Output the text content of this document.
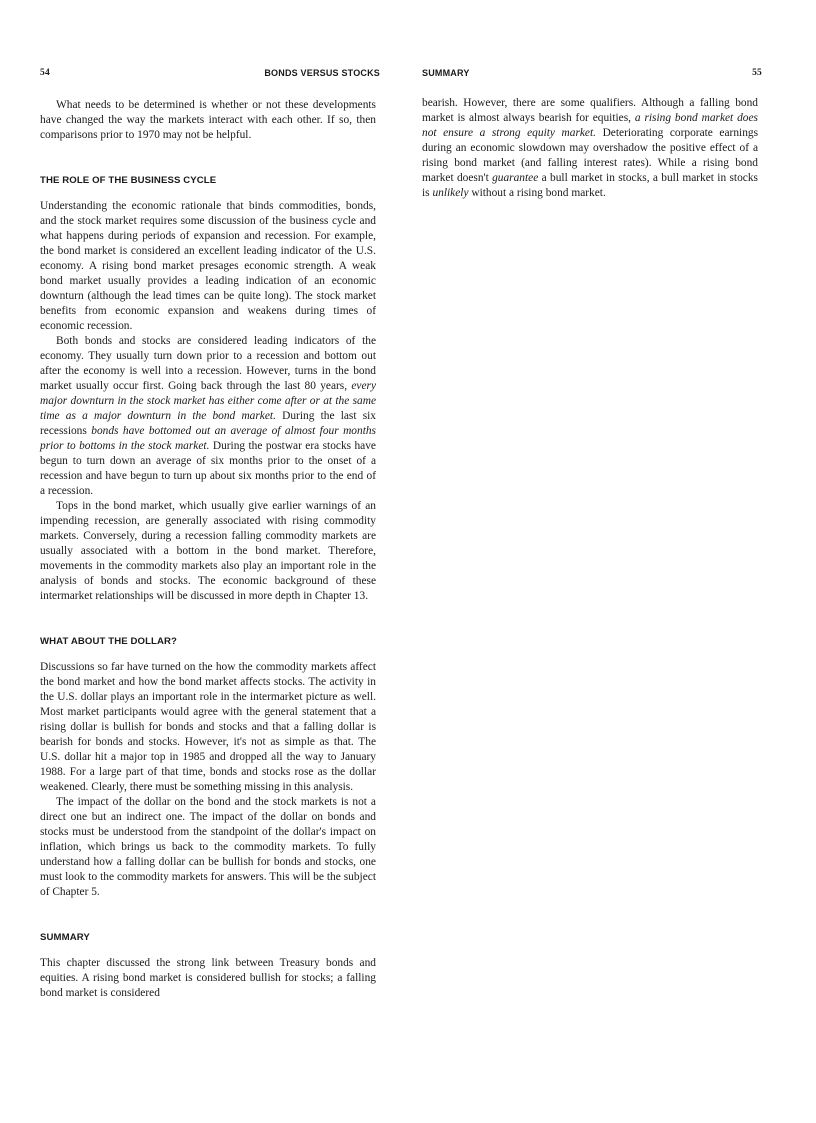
54	BONDS VERSUS STOCKS

What needs to be determined is whether or not these developments have changed the way the markets interact with each other. If so, then comparisons prior to 1970 may not be helpful.

THE ROLE OF THE BUSINESS CYCLE

Understanding the economic rationale that binds commodities, bonds, and the stock market requires some discussion of the business cycle and what happens during periods of expansion and recession. For example, the bond market is considered an excellent leading indicator of the U.S. economy. A rising bond market presages economic strength. A weak bond market usually provides a leading indication of an economic downturn (although the lead times can be quite long). The stock market benefits from economic expansion and weakens during times of economic recession.

Both bonds and stocks are considered leading indicators of the economy. They usually turn down prior to a recession and bottom out after the economy is well into a recession. However, turns in the bond market usually occur first. Going back through the last 80 years, every major downturn in the stock market has either come after or at the same time as a major downturn in the bond market. During the last six recessions bonds have bottomed out an average of almost four months prior to bottoms in the stock market. During the postwar era stocks have begun to turn down an average of six months prior to the onset of a recession and have begun to turn up about six months prior to the end of a recession.

Tops in the bond market, which usually give earlier warnings of an impending recession, are generally associated with rising commodity markets. Conversely, during a recession falling commodity markets are usually associated with a bottom in the bond market. Therefore, movements in the commodity markets also play an important role in the analysis of bonds and stocks. The economic background of these intermarket relationships will be discussed in more depth in Chapter 13.

WHAT ABOUT THE DOLLAR?

Discussions so far have turned on the how the commodity markets affect the bond market and how the bond market affects stocks. The activity in the U.S. dollar plays an important role in the intermarket picture as well. Most market participants would agree with the general statement that a rising dollar is bullish for bonds and stocks and that a falling dollar is bearish for bonds and stocks. However, it's not as simple as that. The U.S. dollar hit a major top in 1985 and dropped all the way to January 1988. For a large part of that time, bonds and stocks rose as the dollar weakened. Clearly, there must be something missing in this analysis.

The impact of the dollar on the bond and the stock markets is not a direct one but an indirect one. The impact of the dollar on bonds and stocks must be understood from the standpoint of the dollar's impact on inflation, which brings us back to the commodity markets. To fully understand how a falling dollar can be bullish for bonds and stocks, one must look to the commodity markets for answers. This will be the subject of Chapter 5.

SUMMARY

This chapter discussed the strong link between Treasury bonds and equities. A rising bond market is considered bullish for stocks; a falling bond market is considered

SUMMARY	55

bearish. However, there are some qualifiers. Although a falling bond market is almost always bearish for equities, a rising bond market does not ensure a strong equity market. Deteriorating corporate earnings during an economic slowdown may overshadow the positive effect of a rising bond market (and falling interest rates). While a rising bond market doesn't guarantee a bull market in stocks, a bull market in stocks is unlikely without a rising bond market.
